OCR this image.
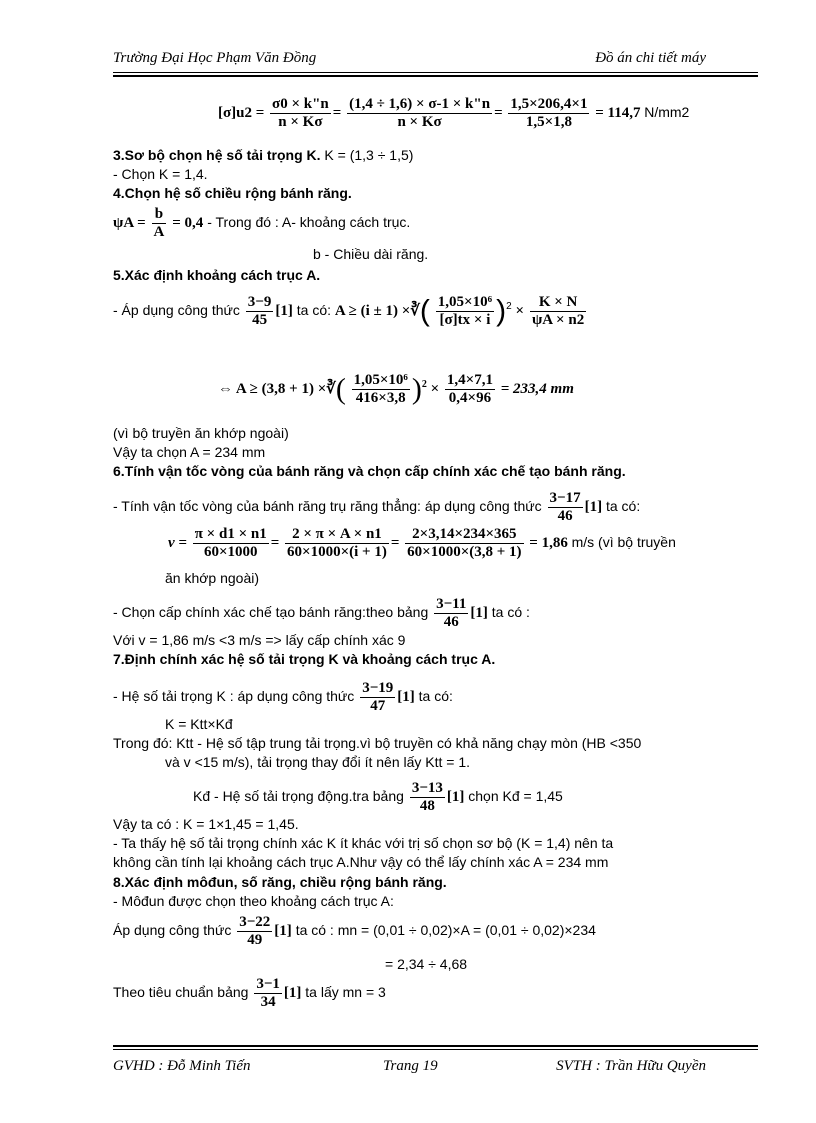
Trường Đại Học Phạm Văn Đồng	Đồ án chi tiết máy
$[\sigma]u2 = \frac{\sigma 0 \times k"n}{n \times K\sigma} = \frac{(1,4 \div 1,6) \times \sigma-1 \times k"n}{n \times K\sigma} = \frac{1,5\times 206,4\times 1}{1,5\times 1,8} = 114,7$ N/mm2
3.Sơ bộ chọn hệ số tải trọng K. K = (1,3 ÷ 1,5)
- Chọn K = 1,4.
4.Chọn hệ số chiều rộng bánh răng.
$\psi A = \frac{b}{A} = 0,4$ - Trong đó : A- khoảng cách trục.
b - Chiều dài răng.
5.Xác định khoảng cách trục A.
- Áp dụng công thức $\frac{3-9}{45} [1]$ ta có: A ≥ (i ± 1) ×∛( $\frac{\text{1,05×10⁶}}{[\sigma]tx \times i} )^2 \times \frac{K \times N}{\psi A \times n2}$
⇔ A ≥ (3,8 + 1) ×∛( $\frac{\text{1,05×10⁶}}{416\times 3,8} )^2 \times \frac{1,4\times 7,1}{0,4\times 96} = 233,4$ mm
(vì bộ truyền ăn khớp ngoài)
Vậy ta chọn A = 234 mm
6.Tính vận tốc vòng của bánh răng và chọn cấp chính xác chế tạo bánh răng.
- Tính vận tốc vòng của bánh răng trụ răng thẳng: áp dụng công thức $\frac{3-17}{46} [1]$ ta có:
$v = \frac{\pi \times d1 \times n1}{60\times 1000} = \frac{2 \times \pi \times A \times n1}{60\times 1000\times(i + 1)} = \frac{2\times 3,14\times 234\times 365}{60\times 1000\times(3,8 + 1)} = 1,86$ m/s (vì bộ truyền
ăn khớp ngoài)
- Chọn cấp chính xác chế tạo bánh răng:theo bảng $\frac{3-11}{46} [1]$ ta có :
Với v = 1,86 m/s <3 m/s => lấy cấp chính xác 9
7.Định chính xác hệ số tải trọng K và khoảng cách trục A.
- Hệ số tải trọng K : áp dụng công thức $\frac{3-19}{47} [1]$ ta có:
K = Ktt×Kđ
Trong đó: Ktt - Hệ số tập trung tải trọng.vì bộ truyền có khả năng chạy mòn (HB <350
và v <15 m/s), tải trọng thay đổi ít nên lấy Ktt = 1.
Kđ - Hệ số tải trọng động.tra bảng $\frac{3-13}{48} [1]$ chọn Kđ = 1,45
Vậy ta có : K = 1×1,45 = 1,45.
- Ta thấy hệ số tải trọng chính xác K ít khác với trị số chọn sơ bộ (K = 1,4) nên ta
không cần tính lại khoảng cách trục A.Như vậy có thể lấy chính xác A = 234 mm
8.Xác định môđun, số răng, chiều rộng bánh răng.
- Môđun được chọn theo khoảng cách trục A:
Áp dụng công thức $\frac{3-22}{49} [1]$ ta có : mn = (0,01 ÷ 0,02)×A = (0,01 ÷ 0,02)×234
= 2,34 ÷ 4,68
Theo tiêu chuẩn bảng $\frac{3-1}{34} [1]$ ta lấy mn = 3
GVHD : Đỗ Minh Tiến	Trang 19	SVTH : Trần Hữu Quyền
